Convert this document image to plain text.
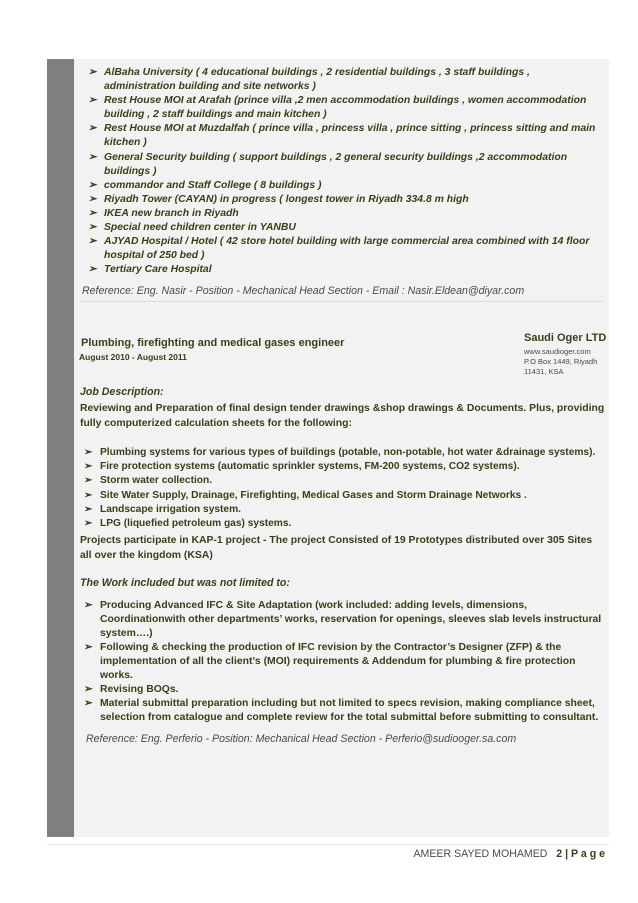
WORK EXPERIENCE
➢ AlBaha University ( 4 educational buildings , 2 residential buildings , 3 staff buildings , administration building and site networks )
➢ Rest House MOI at Arafah (prince villa ,2 men accommodation buildings , women accommodation building , 2 staff buildings and main kitchen )
➢ Rest House MOI at Muzdalfah ( prince villa , princess villa , prince sitting , princess sitting and main kitchen )
➢ General Security building ( support buildings , 2 general security buildings ,2 accommodation buildings )
➢ commandor and Staff College ( 8 buildings )
➢ Riyadh Tower (CAYAN) in progress ( longest tower in Riyadh 334.8 m high
➢ IKEA new branch in Riyadh
➢ Special need children center in YANBU
➢ AJYAD Hospital / Hotel ( 42 store hotel building with large commercial area combined with 14 floor hospital of 250 bed )
➢ Tertiary Care Hospital
Reference: Eng. Nasir - Position - Mechanical Head Section - Email : Nasir.Eldean@diyar.com
Plumbing, firefighting and medical gases engineer
August 2010 - August 2011
Saudi Oger LTD
www.saudioger.com
P.O Box 1449, Riyadh
11431, KSA
Job Description:
Reviewing and Preparation of final design tender drawings &shop drawings & Documents. Plus, providing fully computerized calculation sheets for the following:
➢ Plumbing systems for various types of buildings (potable, non-potable, hot water &drainage systems).
➢ Fire protection systems (automatic sprinkler systems, FM-200 systems, CO2 systems).
➢ Storm water collection.
➢ Site Water Supply, Drainage, Firefighting, Medical Gases and Storm Drainage Networks .
➢ Landscape irrigation system.
➢ LPG (liquefied petroleum gas) systems.
Projects participate in KAP-1 project - The project Consisted of 19 Prototypes distributed over 305 Sites all over the kingdom (KSA)
The Work included but was not limited to:
➢ Producing Advanced IFC & Site Adaptation (work included: adding levels, dimensions, Coordinationwith other departments’ works, reservation for openings, sleeves slab levels instructural system….)
➢ Following & checking the production of IFC revision by the Contractor’s Designer (ZFP) & the implementation of all the client’s (MOI) requirements & Addendum for plumbing & fire protection works.
➢ Revising BOQs.
➢ Material submittal preparation including but not limited to specs revision, making compliance sheet, selection from catalogue and complete review for the total submittal before submitting to consultant.
Reference: Eng. Perferio - Position: Mechanical Head Section - Perferio@sudiooger.sa.com
AMEER SAYED MOHAMED 2 | P a g e
